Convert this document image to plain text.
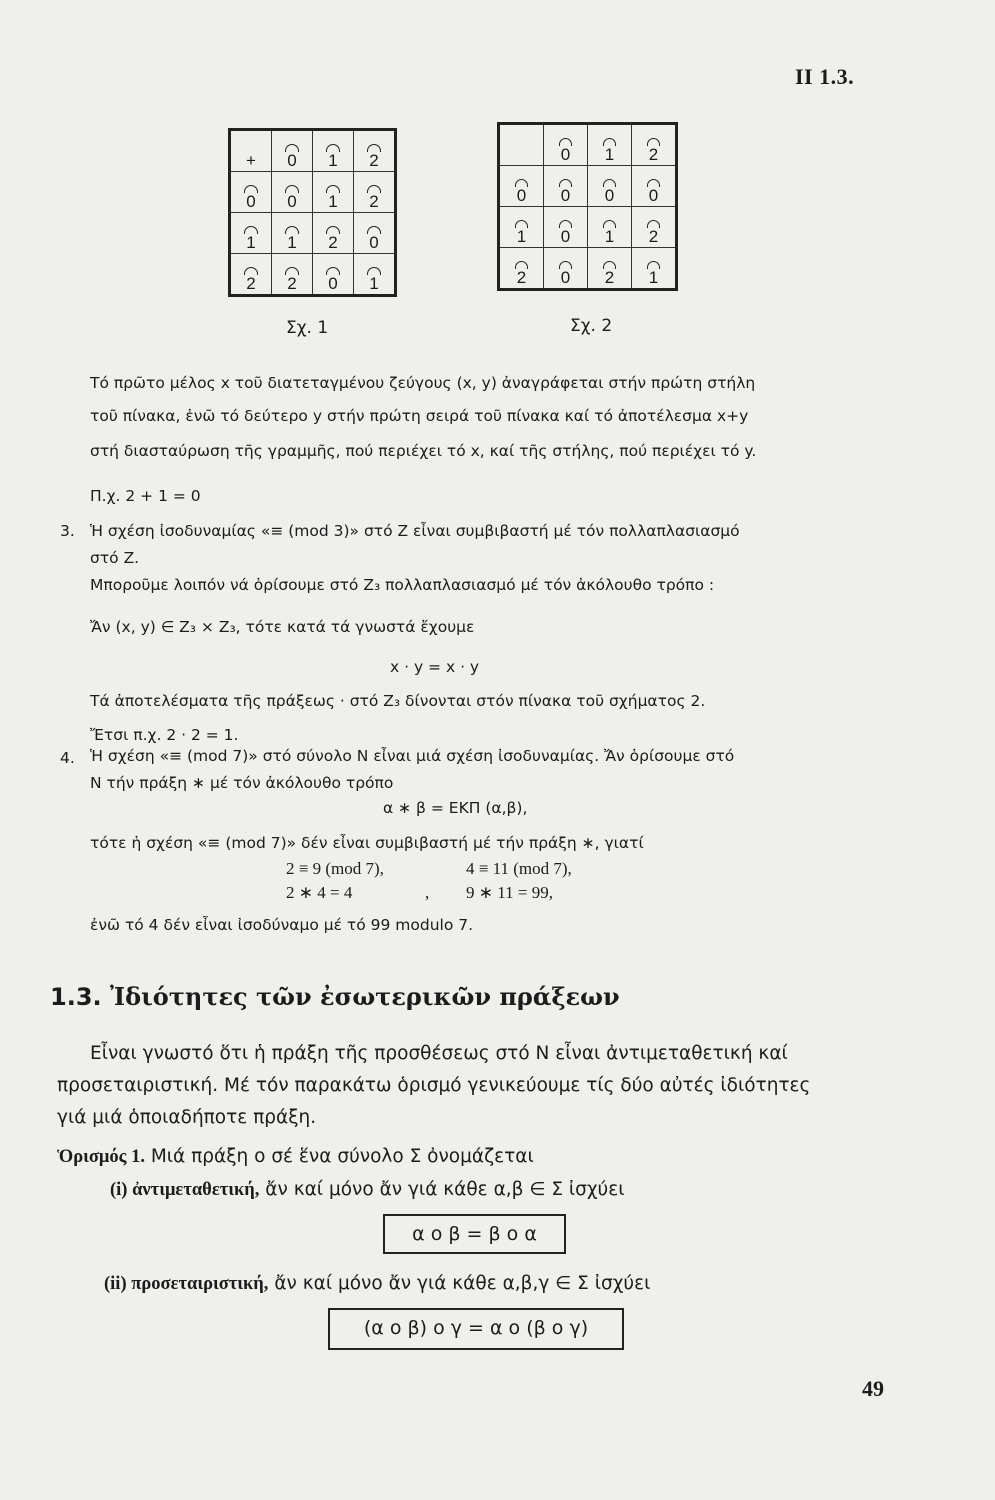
II 1.3.
+	0	1	2
0	0	1	2
1	1	2	0
2	2	0	1
Σχ. 1
	0	1	2
0	0	0	0
1	0	1	2
2	0	2	1
Σχ. 2
Τό πρῶτο μέλος x τοῦ διατεταγμένου ζεύγους (x, y) ἀναγράφεται στήν πρώτη στήλη
τοῦ πίνακα, ἐνῶ τό δεύτερο y στήν πρώτη σειρά τοῦ πίνακα καί τό ἀποτέλεσμα x+y
στή διασταύρωση τῆς γραμμῆς, πού περιέχει τό x, καί τῆς στήλης, πού περιέχει τό y.
Π.χ. 2 + 1 = 0
3. Ἡ σχέση ἰσοδυναμίας «≡ (mod 3)» στό Z εἶναι συμβιβαστή μέ τόν πολλαπλασιασμό
στό Z.
Μποροῦμε λοιπόν νά ὁρίσουμε στό Z₃ πολλαπλασιασμό μέ τόν ἀκόλουθο τρόπο :
Ἄν (x, y) ∈ Z₃ × Z₃, τότε κατά τά γνωστά ἔχουμε
x · y = x · y
Τά ἀποτελέσματα τῆς πράξεως · στό Z₃ δίνονται στόν πίνακα τοῦ σχήματος 2.
Ἔτσι π.χ. 2 · 2 = 1.
4. Ἡ σχέση «≡ (mod 7)» στό σύνολο N εἶναι μιά σχέση ἰσοδυναμίας. Ἄν ὁρίσουμε στό
N τήν πράξη ∗ μέ τόν ἀκόλουθο τρόπο
α ∗ β = ΕΚΠ (α,β),
τότε ἡ σχέση «≡ (mod 7)» δέν εἶναι συμβιβαστή μέ τήν πράξη ∗, γιατί
2 ≡ 9 (mod 7),	4 ≡ 11 (mod 7),
2 ∗ 4 = 4	, 9 ∗ 11 = 99,
ἐνῶ τό 4 δέν εἶναι ἰσοδύναμο μέ τό 99 modulo 7.
1.3. Ἰδιότητες τῶν ἐσωτερικῶν πράξεων
Εἶναι γνωστό ὅτι ἡ πράξη τῆς προσθέσεως στό N εἶναι ἀντιμεταθετική καί
προσεταιριστική. Μέ τόν παρακάτω ὁρισμό γενικεύουμε τίς δύο αὐτές ἰδιότητες
γιά μιά ὁποιαδήποτε πράξη.
Ὁρισμός 1. Μιά πράξη o σέ ἕνα σύνολο Σ ὀνομάζεται
(i) ἀντιμεταθετική, ἄν καί μόνο ἄν γιά κάθε α,β ∈ Σ ἰσχύει
α o β = β o α
(ii) προσεταιριστική, ἄν καί μόνο ἄν γιά κάθε α,β,γ ∈ Σ ἰσχύει
(α o β) o γ = α o (β o γ)
49
